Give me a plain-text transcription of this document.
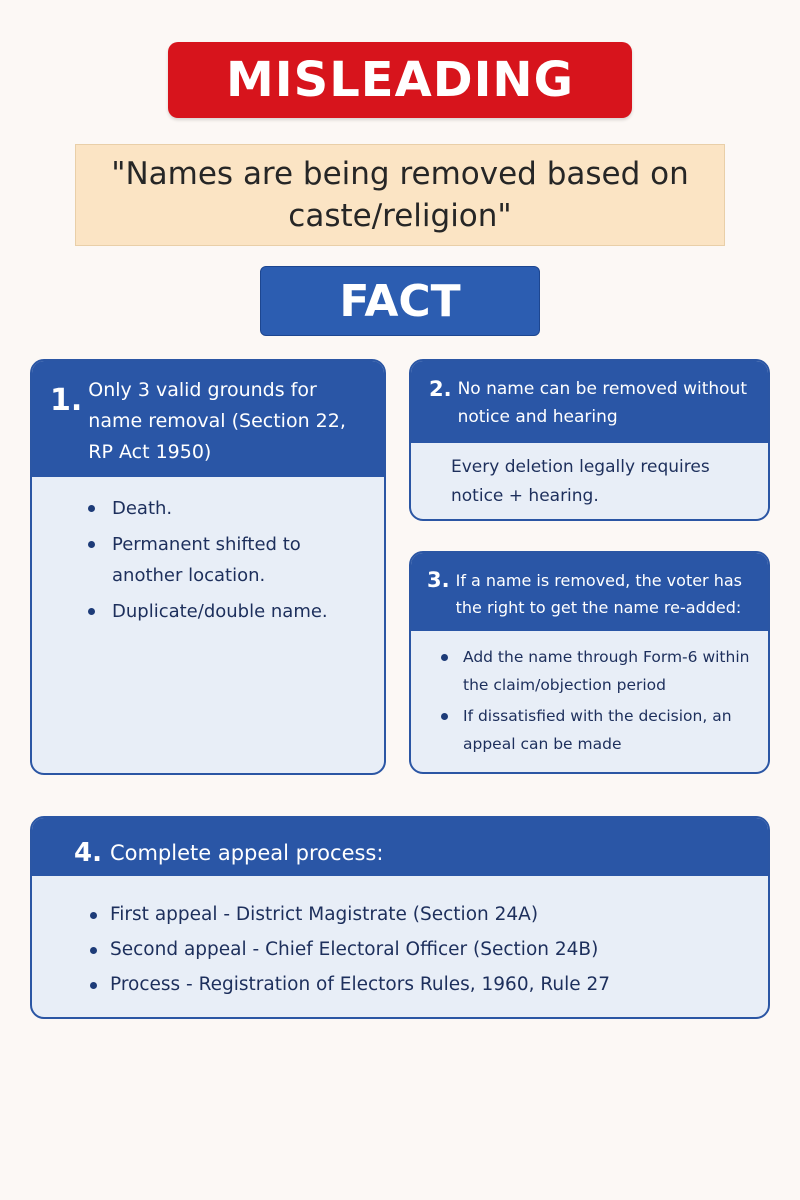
MISLEADING
"Names are being removed based on caste/religion"
FACT
1. Only 3 valid grounds for name removal (Section 22, RP Act 1950)
Death.
Permanent shifted to another location.
Duplicate/double name.
2. No name can be removed without notice and hearing
Every deletion legally requires notice + hearing.
3. If a name is removed, the voter has the right to get the name re-added:
Add the name through Form-6 within the claim/objection period
If dissatisfied with the decision, an appeal can be made
4. Complete appeal process:
First appeal - District Magistrate (Section 24A)
Second appeal - Chief Electoral Officer (Section 24B)
Process - Registration of Electors Rules, 1960, Rule 27
